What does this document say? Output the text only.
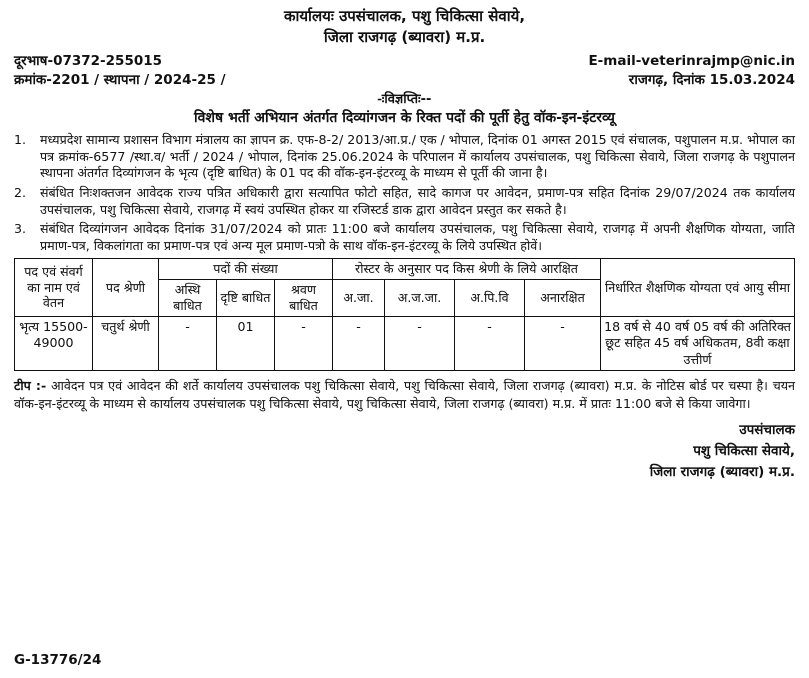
कार्यालयः उपसंचालक, पशु चिकित्सा सेवाये,
जिला राजगढ़ (ब्यावरा) म.प्र.
दूरभाष-07372-255015	E-mail-veterinrajmp@nic.in
क्रमांक-2201 / स्थापना / 2024-25 /	राजगढ़, दिनांक 15.03.2024
-ःविज्ञप्तिः--
विशेष भर्ती अभियान अंतर्गत दिव्यांगजन के रिक्त पदों की पूर्ती हेतु वॉक-इन-इंटरव्यू
1.	मध्यप्रदेश सामान्य प्रशासन विभाग मंत्रालय का ज्ञापन क्र. एफ-8-2/ 2013/आ.प्र./ एक / भोपाल, दिनांक 01 अगस्त 2015 एवं संचालक, पशुपालन म.प्र. भोपाल का पत्र क्रमांक-6577 /स्था.व/ भर्ती / 2024 / भोपाल, दिनांक 25.06.2024 के परिपालन में कार्यालय उपसंचालक, पशु चिकित्सा सेवाये, जिला राजगढ़ के पशुपालन स्थापना अंतर्गत दिव्यांगजन के भृत्य (दृष्टि बाधित) के 01 पद की वॉक-इन-इंटरव्यू के माध्यम से पूर्ती की जाना है।
2.	संबंधित निःशक्तजन आवेदक राज्य पत्रित अधिकारी द्वारा सत्यापित फोटो सहित, सादे कागज पर आवेदन, प्रमाण-पत्र सहित दिनांक 29/07/2024 तक कार्यालय उपसंचालक, पशु चिकित्सा सेवाये, राजगढ़ में स्वयं उपस्थित होकर या रजिस्टर्ड डाक द्वारा आवेदन प्रस्तुत कर सकते है।
3.	संबंधित दिव्यांगजन आवेदक दिनांक 31/07/2024 को प्रातः 11:00 बजे कार्यालय उपसंचालक, पशु चिकित्सा सेवाये, राजगढ़ में अपनी शैक्षणिक योग्यता, जाति प्रमाण-पत्र, विकलांगता का प्रमाण-पत्र एवं अन्य मूल प्रमाण-पत्रो के साथ वॉक-इन-इंटरव्यू के लिये उपस्थित होवें।
पद एवं संवर्ग का नाम एवं वेतन	पद श्रेणी	पदों की संख्या			रोस्टर के अनुसार पद किस श्रेणी के लिये आरक्षित				निर्धारित शैक्षणिक योग्यता एवं आयु सीमा
		अस्थि बाधित	दृष्टि बाधित	श्रवण बाधित	अ.जा.	अ.ज.जा.	अ.पि.वि	अनारक्षित	
भृत्य 15500-49000	चतुर्थ श्रेणी	-	01	-	-	-	-	-	18 वर्ष से 40 वर्ष 05 वर्ष की अतिरिक्त छूट सहित 45 वर्ष अधिकतम, 8वी कक्षा उत्तीर्ण
टीप :- आवेदन पत्र एवं आवेदन की शर्ते कार्यालय उपसंचालक पशु चिकित्सा सेवाये, पशु चिकित्सा सेवाये, जिला राजगढ़ (ब्यावरा) म.प्र. के नोटिस बोर्ड पर चस्पा है। चयन वॉक-इन-इंटरव्यू के माध्यम से कार्यालय उपसंचालक पशु चिकित्सा सेवाये, पशु चिकित्सा सेवाये, जिला राजगढ़ (ब्यावरा) म.प्र. में प्रातः 11:00 बजे से किया जावेगा।
उपसंचालक
पशु चिकित्सा सेवाये,
जिला राजगढ़ (ब्यावरा) म.प्र.
G-13776/24
